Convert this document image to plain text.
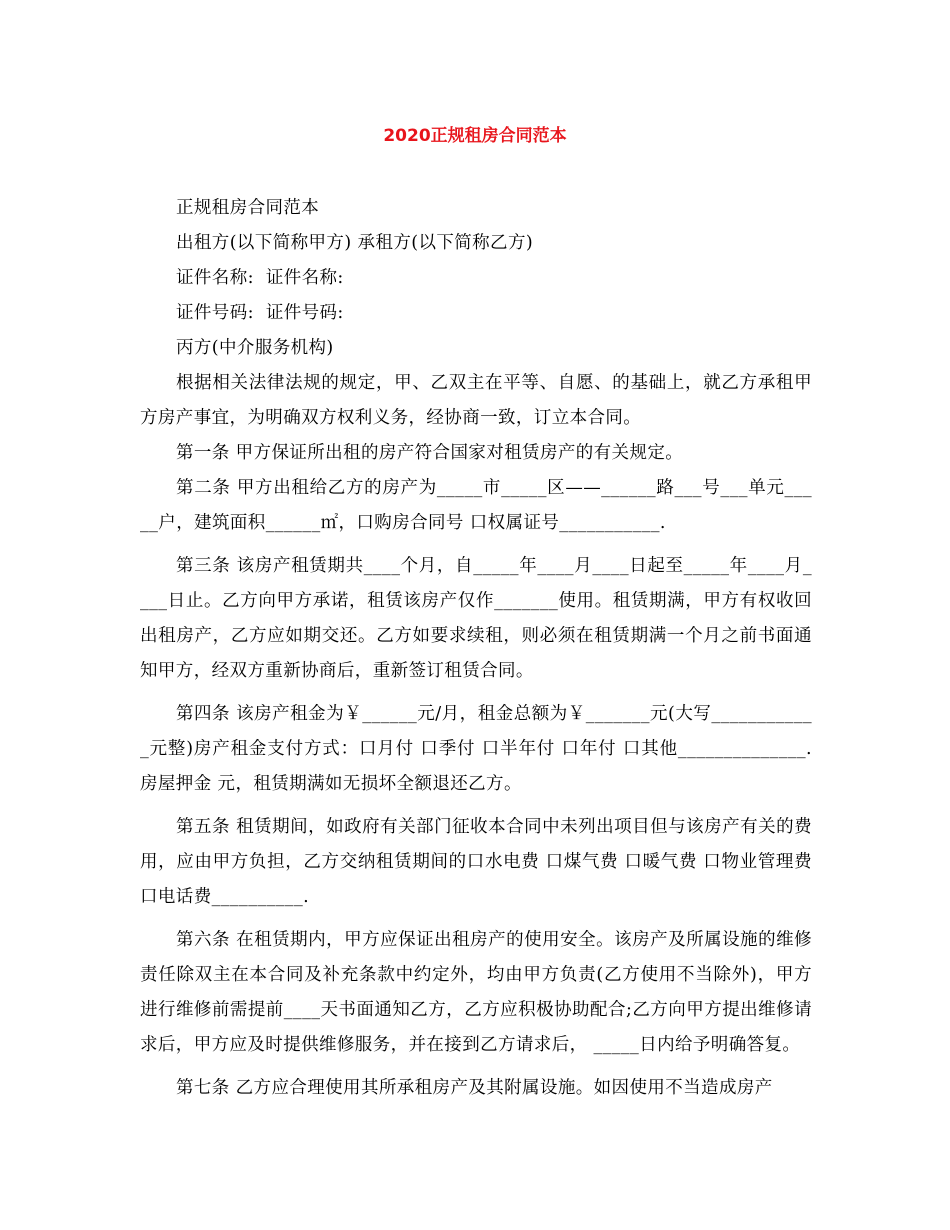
2020正规租房合同范本

正规租房合同范本

出租方(以下简称甲方) 承租方(以下简称乙方)

证件名称:  证件名称:

证件号码:  证件号码:

丙方(中介服务机构)

根据相关法律法规的规定，甲、乙双主在平等、自愿、的基础上，就乙方承租甲方房产事宜，为明确双方权利义务，经协商一致，订立本合同。

第一条 甲方保证所出租的房产符合国家对租赁房产的有关规定。

第二条 甲方出租给乙方的房产为_____市_____区——______路___号___单元_____户，建筑面积______㎡，口购房合同号 口权属证号___________.

第三条 该房产租赁期共____个月，自_____年____月____日起至_____年____月____日止。乙方向甲方承诺，租赁该房产仅作_______使用。租赁期满，甲方有权收回出租房产，乙方应如期交还。乙方如要求续租，则必须在租赁期满一个月之前书面通知甲方，经双方重新协商后，重新签订租赁合同。

第四条 该房产租金为￥______元/月，租金总额为￥_______元(大写____________元整)房产租金支付方式：口月付 口季付 口半年付 口年付 口其他______________.房屋押金 元，租赁期满如无损坏全额退还乙方。

第五条 租赁期间，如政府有关部门征收本合同中未列出项目但与该房产有关的费用，应由甲方负担，乙方交纳租赁期间的口水电费 口煤气费 口暖气费 口物业管理费 口电话费__________.

第六条 在租赁期内，甲方应保证出租房产的使用安全。该房产及所属设施的维修责任除双主在本合同及补充条款中约定外，均由甲方负责(乙方使用不当除外)，甲方进行维修前需提前____天书面通知乙方，乙方应积极协助配合;乙方向甲方提出维修请求后，甲方应及时提供维修服务，并在接到乙方请求后， _____日内给予明确答复。

第七条 乙方应合理使用其所承租房产及其附属设施。如因使用不当造成房产
